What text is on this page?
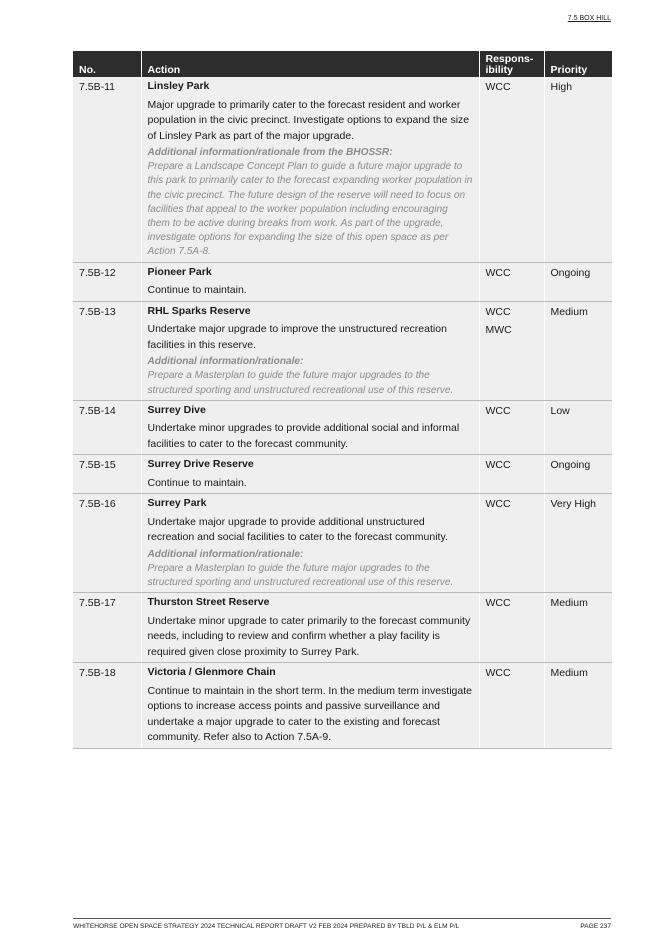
7.5 BOX HILL
No.	Action	Respons-
ibility	Priority
7.5B-11	Linsley Park
Major upgrade to primarily cater to the forecast resident and worker population in the civic precinct. Investigate options to expand the size of Linsley Park as part of the major upgrade.
Additional information/rationale from the BHOSSR:
Prepare a Landscape Concept Plan to guide a future major upgrade to this park to primarily cater to the forecast expanding worker population in the civic precinct. The future design of the reserve will need to focus on facilities that appeal to the worker population including encouraging them to be active during breaks from work. As part of the upgrade, investigate options for expanding the size of this open space as per Action 7.5A-8.	WCC	High
7.5B-12	Pioneer Park
Continue to maintain.	WCC	Ongoing
7.5B-13	RHL Sparks Reserve
Undertake major upgrade to improve the unstructured recreation facilities in this reserve.
Additional information/rationale:
Prepare a Masterplan to guide the future major upgrades to the structured sporting and unstructured recreational use of this reserve.	WCC
MWC	Medium
7.5B-14	Surrey Dive
Undertake minor upgrades to provide additional social and informal facilities to cater to the forecast community.	WCC	Low
7.5B-15	Surrey Drive Reserve
Continue to maintain.	WCC	Ongoing
7.5B-16	Surrey Park
Undertake major upgrade to provide additional unstructured recreation and social facilities to cater to the forecast community.
Additional information/rationale:
Prepare a Masterplan to guide the future major upgrades to the structured sporting and unstructured recreational use of this reserve.	WCC	Very High
7.5B-17	Thurston Street Reserve
Undertake minor upgrade to cater primarily to the forecast community needs, including to review and confirm whether a play facility is required given close proximity to Surrey Park.	WCC	Medium
7.5B-18	Victoria / Glenmore Chain
Continue to maintain in the short term. In the medium term investigate options to increase access points and passive surveillance and undertake a major upgrade to cater to the existing and forecast community. Refer also to Action 7.5A-9.	WCC	Medium
WHITEHORSE OPEN SPACE STRATEGY 2024 TECHNICAL REPORT DRAFT V2 FEB 2024 PREPARED BY TBLD P/L & ELM P/L	PAGE 237
